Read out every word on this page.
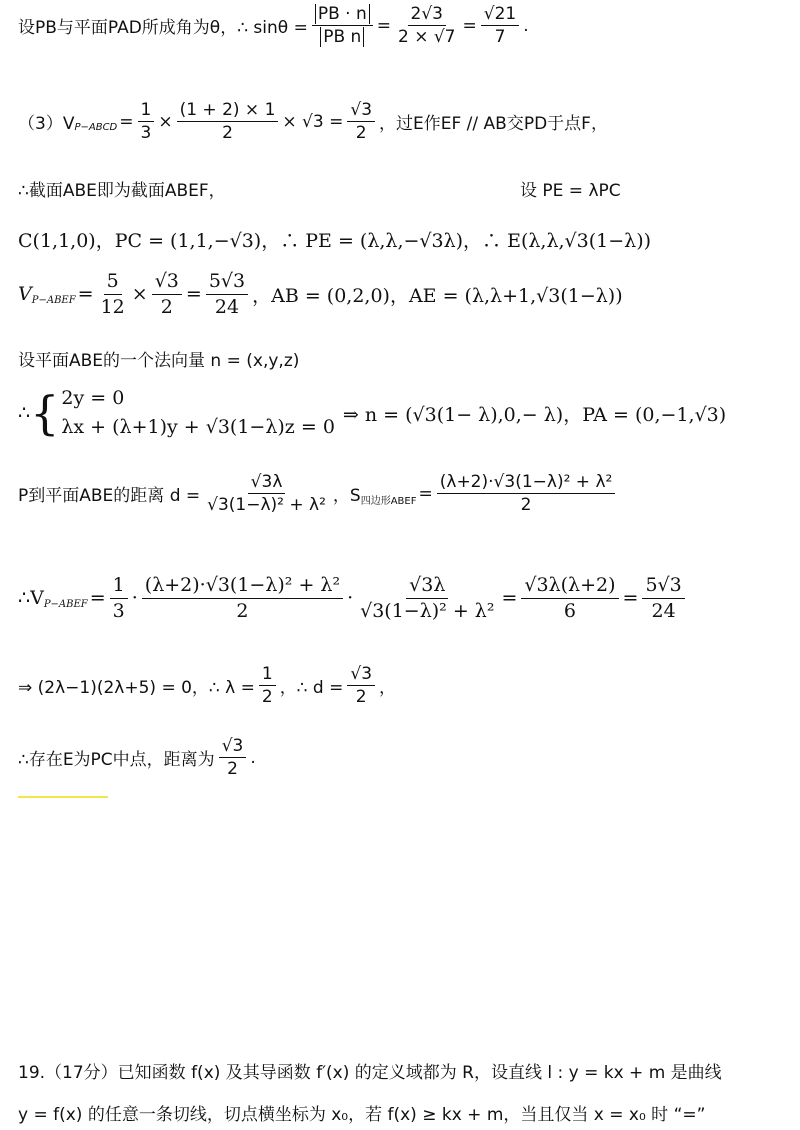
设PB与平面PAD所成角为θ，∴ $\sin\theta = \frac{PB \cdot n}{\text{PB n}} = \frac{2√3}{2 \times √7} = \frac{√21}{7}$ .
（3）V P−ABCD = $\frac{1}{3} \times \frac{(1 + 2) \times 1}{2} \times √3 = \frac{√3}{2}$ ，过E作EF // AB交PD于点F，
∴截面ABE即为截面ABEF，	设 PE = λPC
C(1,1,0)，PC = (1,1,−√3)，∴ PE = (λ,λ,−√3λ)，∴ E(λ,λ,√3(1−λ))
V P−ABEF = $\frac{5}{12} \times \frac{√3}{2} = \frac{5√3}{24}$ ，AB = (0,2,0)，AE = (λ,λ+1,√3(1−λ))
设平面ABE的一个法向量 n = (x,y,z)
∴ { 2y = 0
λx + (λ+1)y + √3(1−λ)z = 0
⇒ n = (√3(1− λ),0,− λ)，PA = (0,−1,√3)
P到平面ABE的距离 $d = \frac{√3\lambda}{\text{√3(1−λ)² + λ²}}$ ，S 四边形ABEF = $\frac{\text{(λ+2)·√3(1−λ)² + λ²}}{2}$
∴V P−ABEF = $\frac{1}{3} \cdot \frac{\text{(λ+2)·√3(1−λ)² + λ²}}{2} \cdot \frac{√3\lambda}{\text{√3(1−λ)² + λ²}} = \frac{√3\lambda(\lambda+2)}{6} = \frac{5√3}{24}$
⇒ (2λ−1)(2λ+5) = 0，∴ $\lambda = \frac{1}{2}$ ，∴ $d = \frac{√3}{2}$ ，
∴存在E为PC中点，距离为 $\frac{√3}{2}$ .
19.（17分）已知函数 f(x) 及其导函数 f′(x) 的定义域都为 R，设直线 l : y = kx + m 是曲线
y = f(x) 的任意一条切线，切点横坐标为 x₀，若 f(x) ≥ kx + m，当且仅当 x = x₀ 时 “=”
